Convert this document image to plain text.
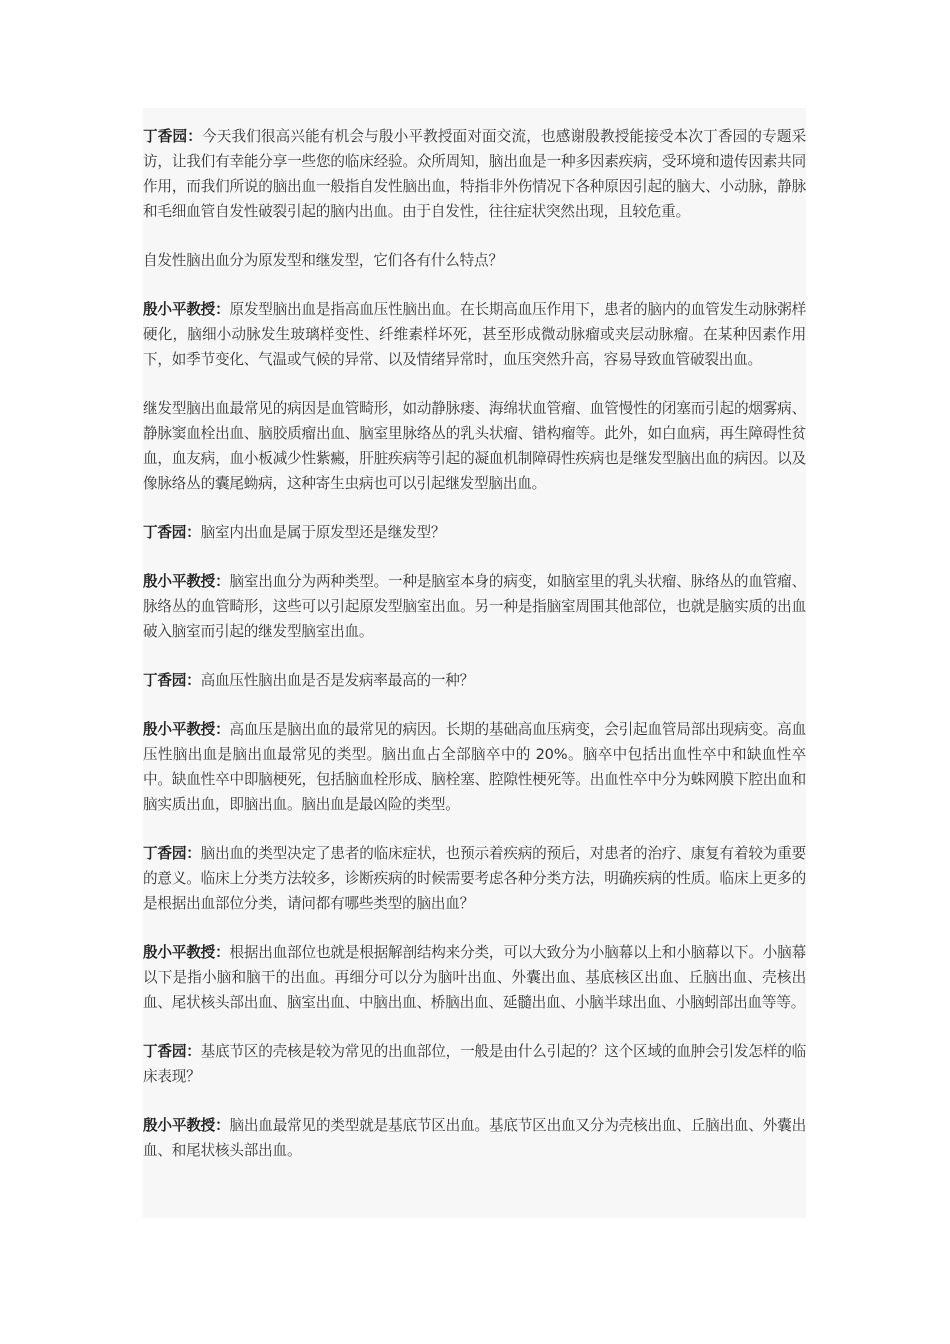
丁香园：今天我们很高兴能有机会与殷小平教授面对面交流，也感谢殷教授能接受本次丁香园的专题采访，让我们有幸能分享一些您的临床经验。众所周知，脑出血是一种多因素疾病，受环境和遗传因素共同作用，而我们所说的脑出血一般指自发性脑出血，特指非外伤情况下各种原因引起的脑大、小动脉，静脉和毛细血管自发性破裂引起的脑内出血。由于自发性，往往症状突然出现，且较危重。

自发性脑出血分为原发型和继发型，它们各有什么特点？

殷小平教授：原发型脑出血是指高血压性脑出血。在长期高血压作用下，患者的脑内的血管发生动脉粥样硬化，脑细小动脉发生玻璃样变性、纤维素样坏死，甚至形成微动脉瘤或夹层动脉瘤。在某种因素作用下，如季节变化、气温或气候的异常、以及情绪异常时，血压突然升高，容易导致血管破裂出血。

继发型脑出血最常见的病因是血管畸形，如动静脉瘘、海绵状血管瘤、血管慢性的闭塞而引起的烟雾病、静脉窦血栓出血、脑胶质瘤出血、脑室里脉络丛的乳头状瘤、错构瘤等。此外，如白血病，再生障碍性贫血，血友病，血小板减少性紫癜，肝脏疾病等引起的凝血机制障碍性疾病也是继发型脑出血的病因。以及像脉络丛的囊尾蚴病，这种寄生虫病也可以引起继发型脑出血。

丁香园：脑室内出血是属于原发型还是继发型？

殷小平教授：脑室出血分为两种类型。一种是脑室本身的病变，如脑室里的乳头状瘤、脉络丛的血管瘤、脉络丛的血管畸形，这些可以引起原发型脑室出血。另一种是指脑室周围其他部位，也就是脑实质的出血破入脑室而引起的继发型脑室出血。

丁香园：高血压性脑出血是否是发病率最高的一种？

殷小平教授：高血压是脑出血的最常见的病因。长期的基础高血压病变，会引起血管局部出现病变。高血压性脑出血是脑出血最常见的类型。脑出血占全部脑卒中的 20%。脑卒中包括出血性卒中和缺血性卒中。缺血性卒中即脑梗死，包括脑血栓形成、脑栓塞、腔隙性梗死等。出血性卒中分为蛛网膜下腔出血和脑实质出血，即脑出血。脑出血是最凶险的类型。

丁香园：脑出血的类型决定了患者的临床症状，也预示着疾病的预后，对患者的治疗、康复有着较为重要的意义。临床上分类方法较多，诊断疾病的时候需要考虑各种分类方法，明确疾病的性质。临床上更多的是根据出血部位分类，请问都有哪些类型的脑出血？

殷小平教授：根据出血部位也就是根据解剖结构来分类，可以大致分为小脑幕以上和小脑幕以下。小脑幕以下是指小脑和脑干的出血。再细分可以分为脑叶出血、外囊出血、基底核区出血、丘脑出血、壳核出血、尾状核头部出血、脑室出血、中脑出血、桥脑出血、延髓出血、小脑半球出血、小脑蚓部出血等等。

丁香园：基底节区的壳核是较为常见的出血部位，一般是由什么引起的？这个区域的血肿会引发怎样的临床表现？

殷小平教授：脑出血最常见的类型就是基底节区出血。基底节区出血又分为壳核出血、丘脑出血、外囊出血、和尾状核头部出血。
